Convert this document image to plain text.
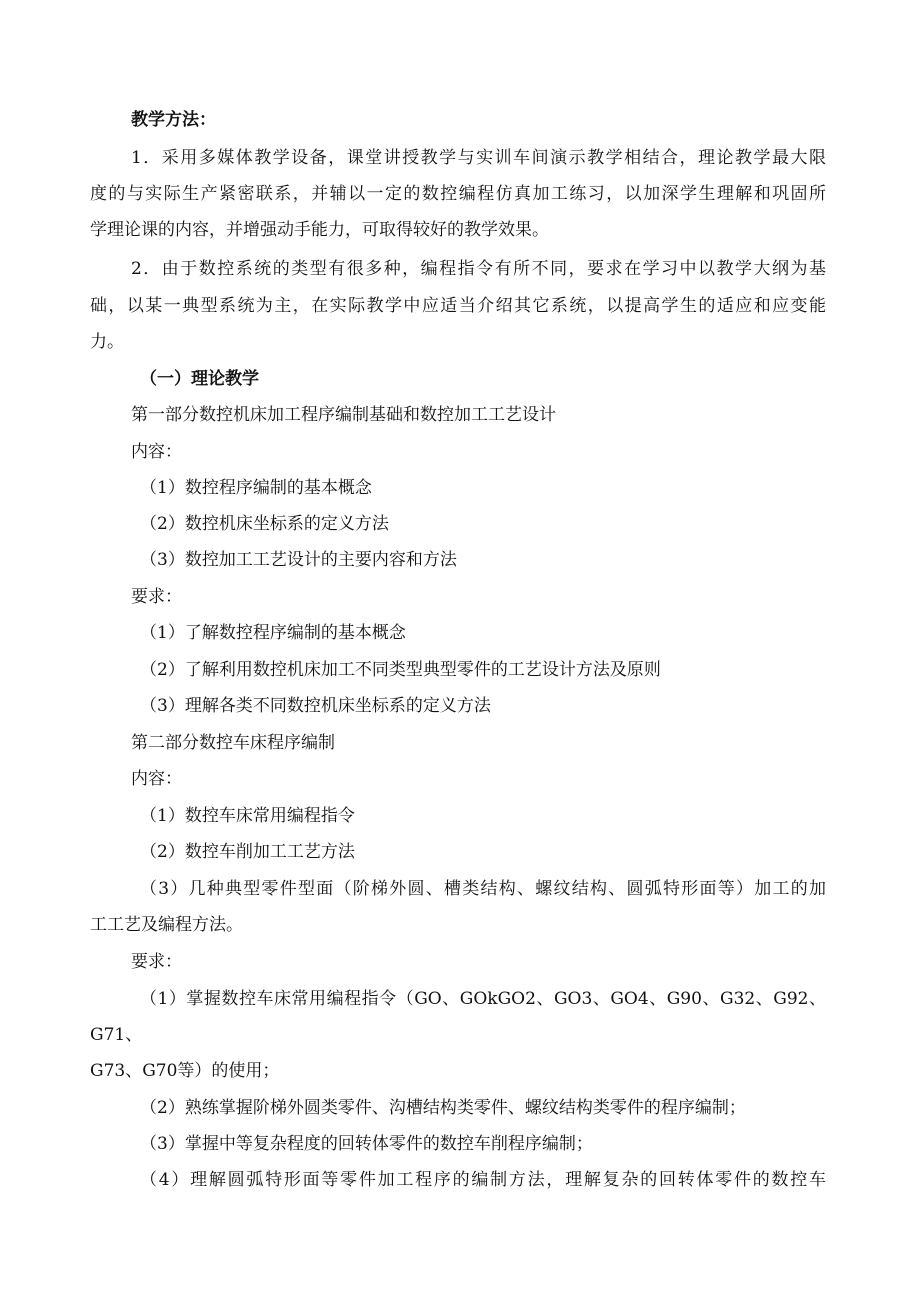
教学方法：

1．采用多媒体教学设备，课堂讲授教学与实训车间演示教学相结合，理论教学最大限

度的与实际生产紧密联系，并辅以一定的数控编程仿真加工练习，以加深学生理解和巩固所

学理论课的内容，并增强动手能力，可取得较好的教学效果。

2．由于数控系统的类型有很多种，编程指令有所不同，要求在学习中以教学大纲为基

础，以某一典型系统为主，在实际教学中应适当介绍其它系统，以提高学生的适应和应变能

力。

（一）理论教学

第一部分数控机床加工程序编制基础和数控加工工艺设计

内容：

（1）数控程序编制的基本概念

（2）数控机床坐标系的定义方法

（3）数控加工工艺设计的主要内容和方法

要求：

（1）了解数控程序编制的基本概念

（2）了解利用数控机床加工不同类型典型零件的工艺设计方法及原则

（3）理解各类不同数控机床坐标系的定义方法

第二部分数控车床程序编制

内容：

（1）数控车床常用编程指令

（2）数控车削加工工艺方法

（3）几种典型零件型面（阶梯外圆、槽类结构、螺纹结构、圆弧特形面等）加工的加

工工艺及编程方法。

要求：

（1）掌握数控车床常用编程指令（GO、GOkGO2、GO3、GO4、G90、G32、G92、

G71、

G73、G70等）的使用；

（2）熟练掌握阶梯外圆类零件、沟槽结构类零件、螺纹结构类零件的程序编制；

（3）掌握中等复杂程度的回转体零件的数控车削程序编制；

（4）理解圆弧特形面等零件加工程序的编制方法，理解复杂的回转体零件的数控车
